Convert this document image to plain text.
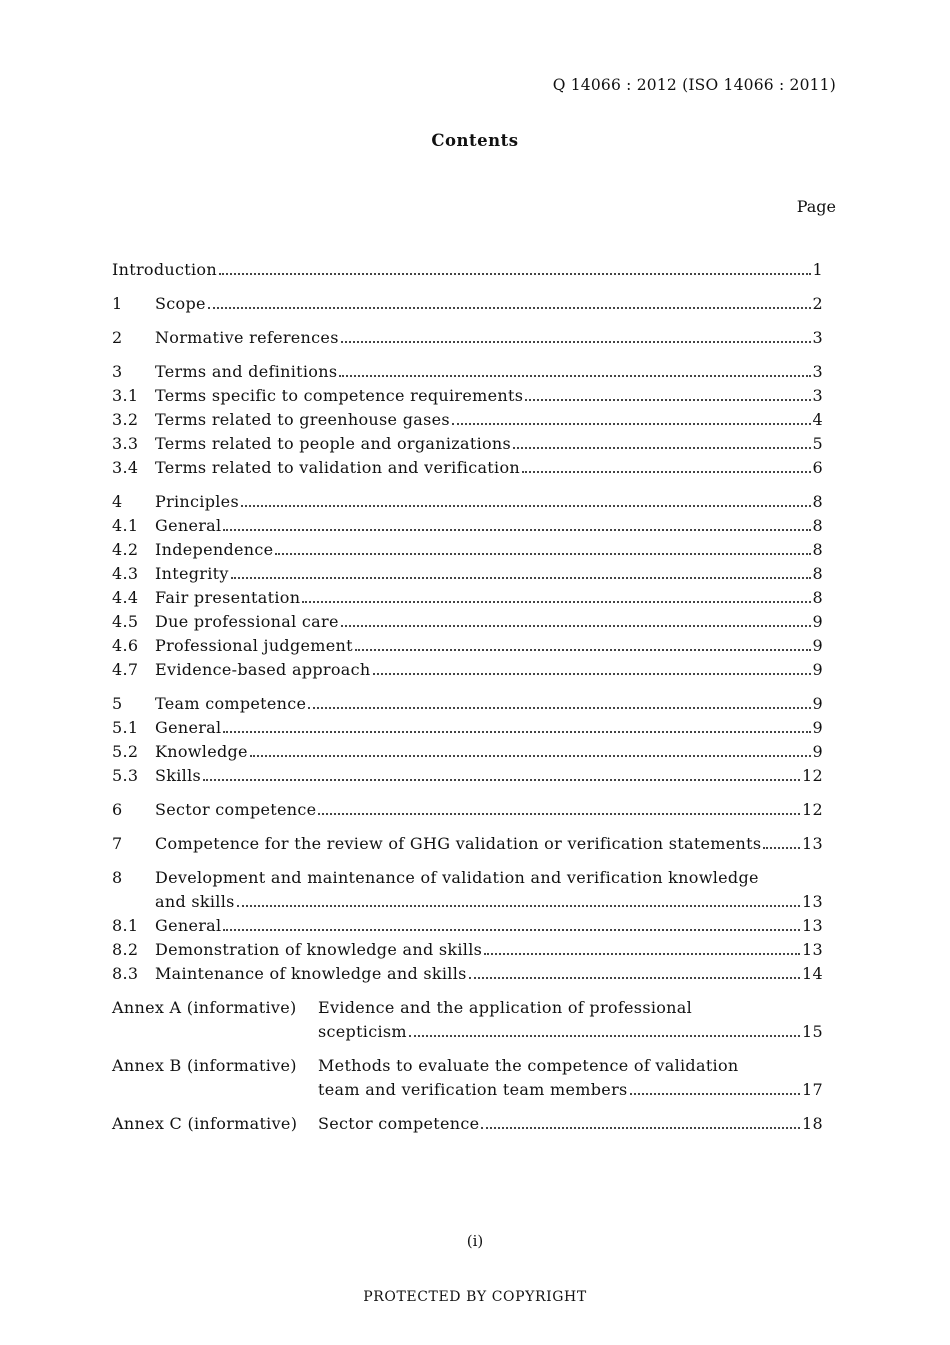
Q 14066 : 2012 (ISO 14066 : 2011)
Contents
Page
Introduction	1
1	Scope	2
2	Normative references	3
3	Terms and definitions	3
3.1	Terms specific to competence requirements	3
3.2	Terms related to greenhouse gases	4
3.3	Terms related to people and organizations	5
3.4	Terms related to validation and verification	6
4	Principles	8
4.1	General	8
4.2	Independence	8
4.3	Integrity	8
4.4	Fair presentation	8
4.5	Due professional care	9
4.6	Professional judgement	9
4.7	Evidence-based approach	9
5	Team competence	9
5.1	General	9
5.2	Knowledge	9
5.3	Skills	12
6	Sector competence	12
7	Competence for the review of GHG validation or verification statements	13
8	Development and maintenance of validation and verification knowledge
and skills	13
8.1	General	13
8.2	Demonstration of knowledge and skills	13
8.3	Maintenance of knowledge and skills	14
Annex A (informative)	Evidence and the application of professional
scepticism	15
Annex B (informative)	Methods to evaluate the competence of validation
team and verification team members	17
Annex C (informative)	Sector competence	18
(i)
PROTECTED BY COPYRIGHT
